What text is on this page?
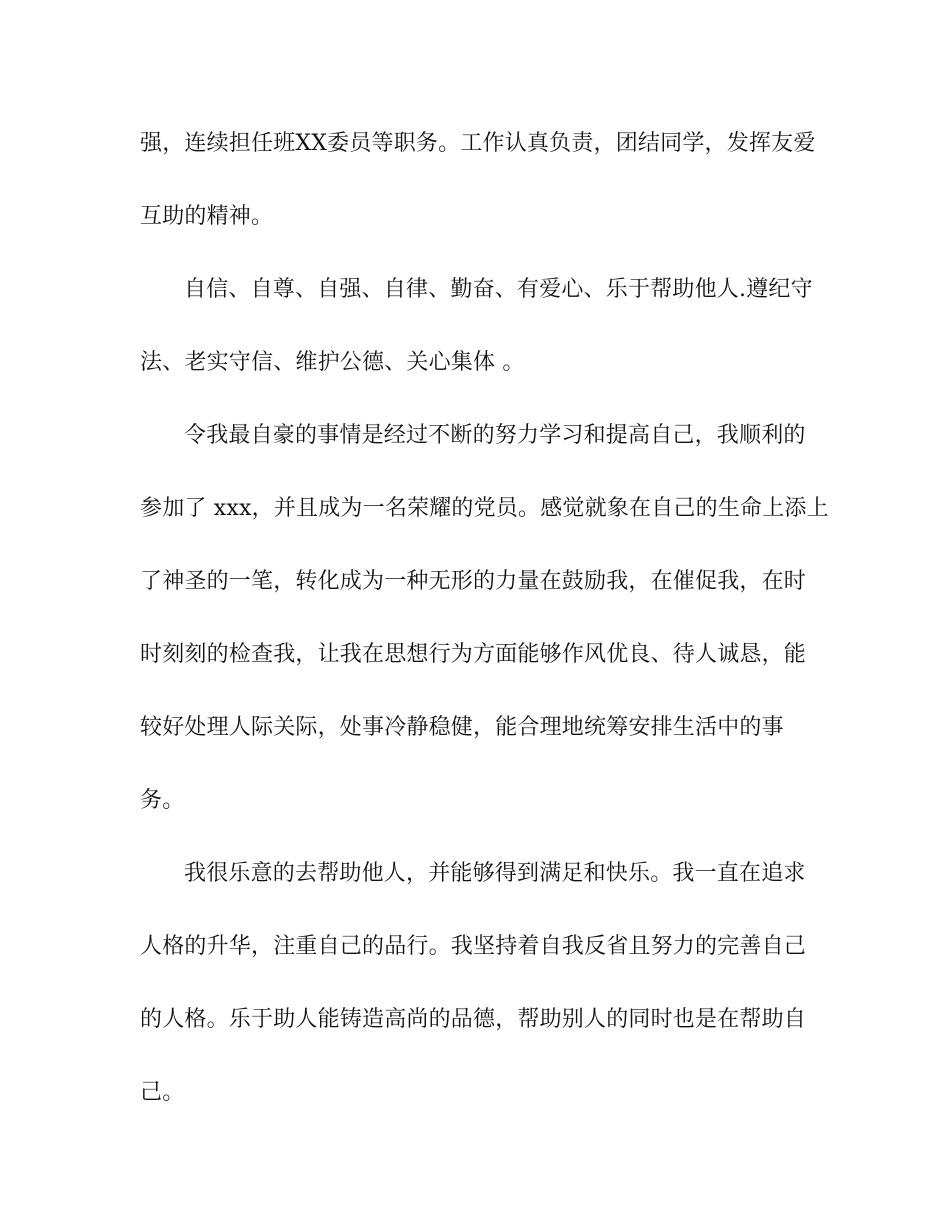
强，连续担任班XX委员等职务。工作认真负责，团结同学，发挥友爱
互助的精神。
自信、自尊、自强、自律、勤奋、有爱心、乐于帮助他人.遵纪守
法、老实守信、维护公德、关心集体 。
令我最自豪的事情是经过不断的努力学习和提高自己，我顺利的
参加了 xxx，并且成为一名荣耀的党员。感觉就象在自己的生命上添上
了神圣的一笔，转化成为一种无形的力量在鼓励我，在催促我，在时
时刻刻的检查我，让我在思想行为方面能够作风优良、待人诚恳，能
较好处理人际关际，处事冷静稳健，能合理地统筹安排生活中的事
务。
我很乐意的去帮助他人，并能够得到满足和快乐。我一直在追求
人格的升华，注重自己的品行。我坚持着自我反省且努力的完善自己
的人格。乐于助人能铸造高尚的品德，帮助别人的同时也是在帮助自
己。
